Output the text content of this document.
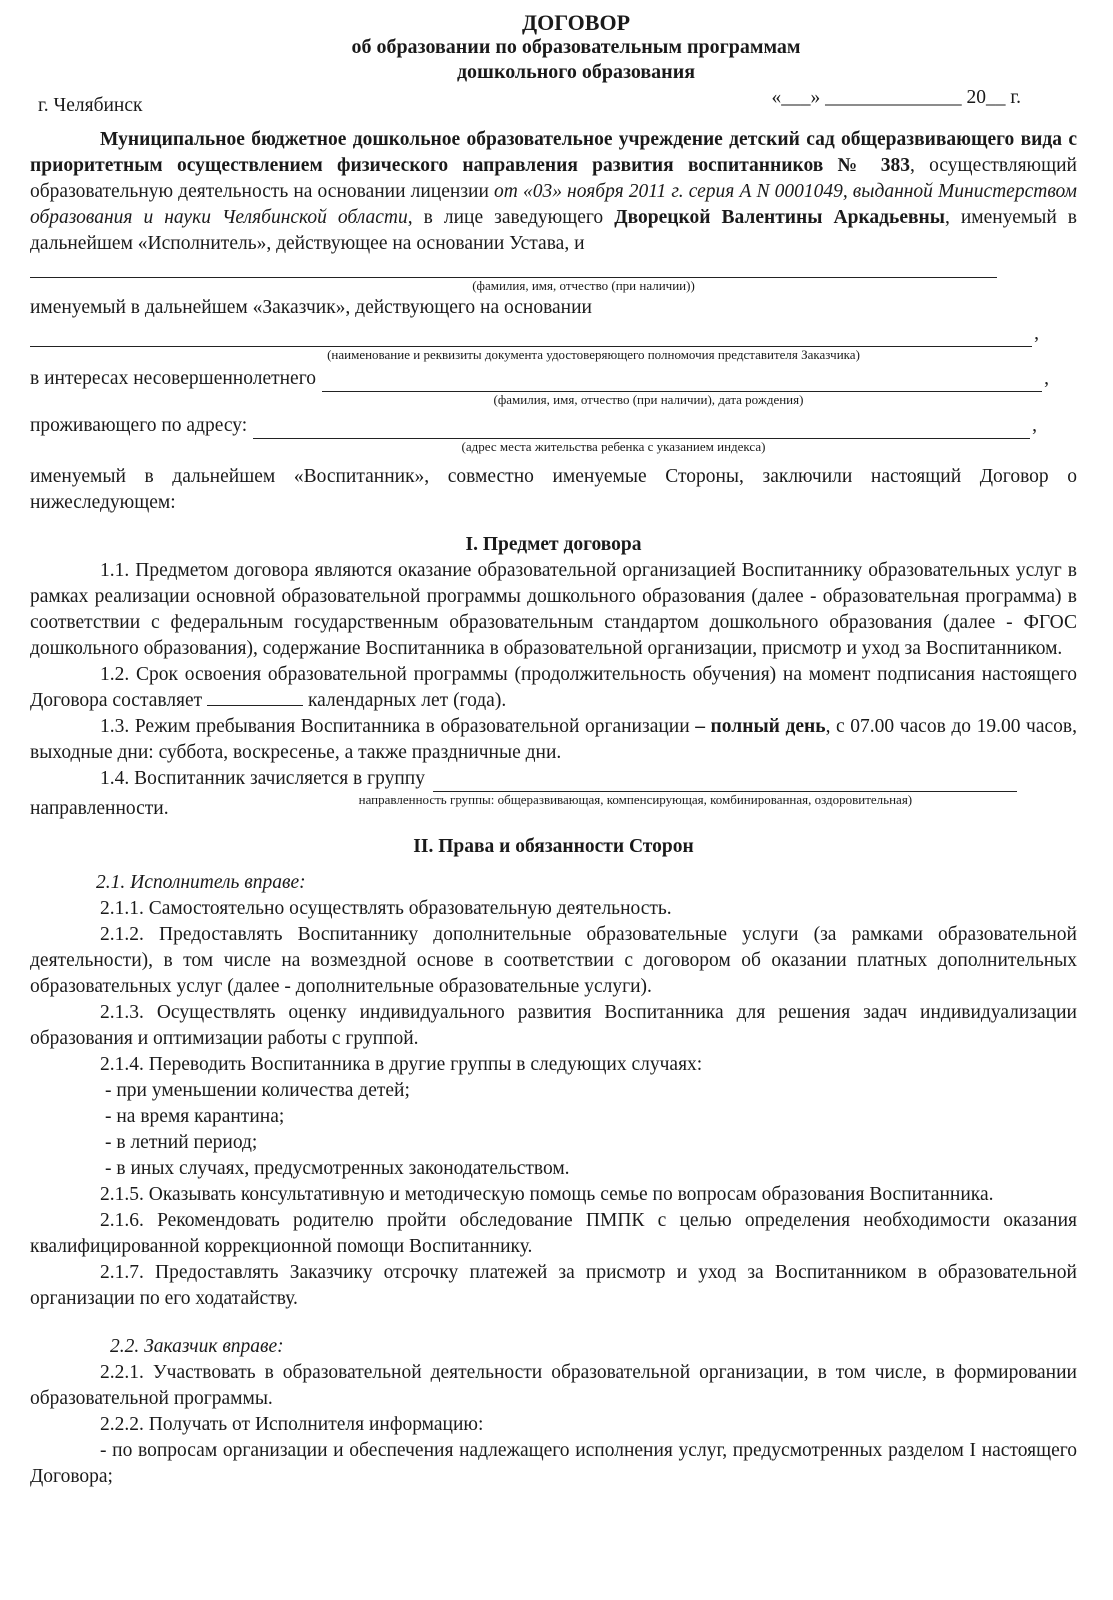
ДОГОВОР
об образовании по образовательным программам
дошкольного образования
г. Челябинск	«___» ______________ 20__ г.
Муниципальное бюджетное дошкольное образовательное учреждение детский сад общеразвивающего вида с приоритетным осуществлением физического направления развития воспитанников № 383, осуществляющий образовательную деятельность на основании лицензии от «03» ноября 2011 г. серия А N 0001049, выданной Министерством образования и науки Челябинской области, в лице заведующего Дворецкой Валентины Аркадьевны, именуемый в дальнейшем «Исполнитель», действующее на основании Устава, и
(фамилия, имя, отчество (при наличии))
именуемый в дальнейшем «Заказчик», действующего на основании
,
(наименование и реквизиты документа удостоверяющего полномочия представителя Заказчика)
в интересах несовершеннолетнего	,
(фамилия, имя, отчество (при наличии), дата рождения)
проживающего по адресу:	,
(адрес места жительства ребенка с указанием индекса)
именуемый в дальнейшем «Воспитанник», совместно именуемые Стороны, заключили настоящий Договор о нижеследующем:
I. Предмет договора
1.1. Предметом договора являются оказание образовательной организацией Воспитаннику образовательных услуг в рамках реализации основной образовательной программы дошкольного образования (далее - образовательная программа) в соответствии с федеральным государственным образовательным стандартом дошкольного образования (далее - ФГОС дошкольного образования), содержание Воспитанника в образовательной организации, присмотр и уход за Воспитанником.
1.2. Срок освоения образовательной программы (продолжительность обучения) на момент подписания настоящего Договора составляет	календарных лет (года).
1.3. Режим пребывания Воспитанника в образовательной организации – полный день, с 07.00 часов до 19.00 часов, выходные дни: суббота, воскресенье, а также праздничные дни.
1.4. Воспитанник зачисляется в группу
направленности.	направленность группы: общеразвивающая, компенсирующая, комбинированная, оздоровительная)
II. Права и обязанности Сторон
2.1. Исполнитель вправе:
2.1.1. Самостоятельно осуществлять образовательную деятельность.
2.1.2. Предоставлять Воспитаннику дополнительные образовательные услуги (за рамками образовательной деятельности), в том числе на возмездной основе в соответствии с договором об оказании платных дополнительных образовательных услуг (далее - дополнительные образовательные услуги).
2.1.3. Осуществлять оценку индивидуального развития Воспитанника для решения задач индивидуализации образования и оптимизации работы с группой.
2.1.4. Переводить Воспитанника в другие группы в следующих случаях:
- при уменьшении количества детей;
- на время карантина;
- в летний период;
- в иных случаях, предусмотренных законодательством.
2.1.5. Оказывать консультативную и методическую помощь семье по вопросам образования Воспитанника.
2.1.6. Рекомендовать родителю пройти обследование ПМПК с целью определения необходимости оказания квалифицированной коррекционной помощи Воспитаннику.
2.1.7. Предоставлять Заказчику отсрочку платежей за присмотр и уход за Воспитанником в образовательной организации по его ходатайству.
2.2. Заказчик вправе:
2.2.1. Участвовать в образовательной деятельности образовательной организации, в том числе, в формировании образовательной программы.
2.2.2. Получать от Исполнителя информацию:
- по вопросам организации и обеспечения надлежащего исполнения услуг, предусмотренных разделом I настоящего Договора;
